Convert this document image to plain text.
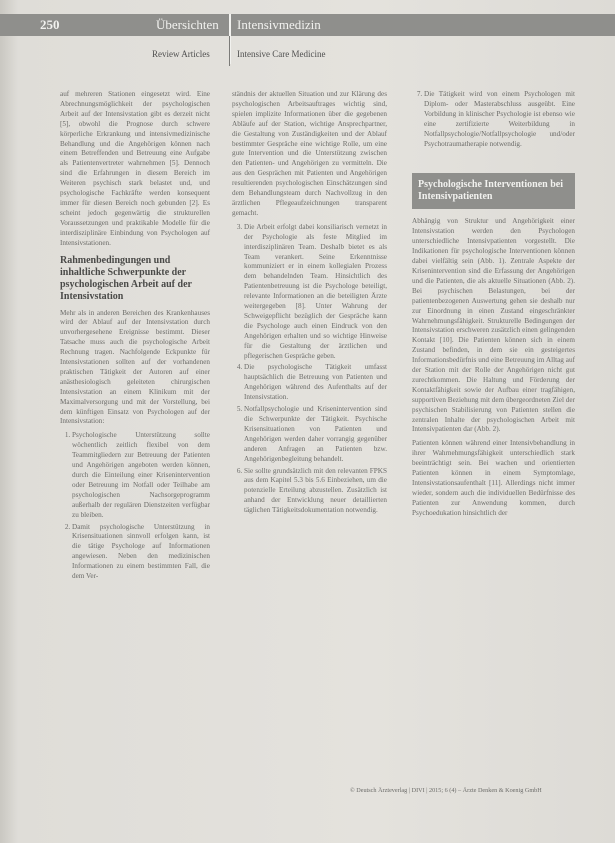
250	Übersichten Intensivmedizin
Review Articles	Intensive Care Medicine

auf mehreren Stationen eingesetzt wird. Eine Abrechnungsmöglichkeit der psychologischen Arbeit auf der Intensivstation gibt es derzeit nicht [5], obwohl die Prognose durch schwere körperliche Erkrankung und intensivmedizinische Behandlung und die Angehörigen können nach einem Betreffenden und Betreuung eine Aufgabe als Patientenvertreter wahrnehmen [5]. Dennoch sind die Erfahrungen in diesem Bereich im Weiteren psychisch stark belastet und, und psychologische Fachkräfte werden konsequent immer für diesen Bereich noch gebunden [2]. Es scheint jedoch gegenwärtig die strukturellen Voraussetzungen und praktikable Modelle für die interdisziplinäre Einbindung von Psychologen auf Intensivstationen.

Rahmenbedingungen und inhaltliche Schwerpunkte der psychologischen Arbeit auf der Intensivstation

Mehr als in anderen Bereichen des Krankenhauses wird der Ablauf auf der Intensivstation durch unvorhergesehene Ereignisse bestimmt. Dieser Tatsache muss auch die psychologische Arbeit Rechnung tragen. Nachfolgende Eckpunkte für Intensivstationen sollten auf der vorhandenen praktischen Tätigkeit der Autoren auf einer anästhesiologisch geleiteten chirurgischen Intensivstation an einem Klinikum mit der Maximalversorgung und mit der Vorstellung, bei dem künftigen Einsatz von Psychologen auf der Intensivstation:

1. Psychologische Unterstützung sollte wöchentlich zeitlich flexibel von dem Teammitgliedern zur Betreuung der Patienten und Angehörigen angeboten werden können, durch die Einteilung einer Krisenintervention oder Betreuung im Notfall oder Teilhabe am psychologischen Nachsorgeprogramm außerhalb der regulären Dienstzeiten verfügbar zu bleiben.
2. Damit psychologische Unterstützung in Krisensituationen sinnvoll erfolgen kann, ist die tätige Psychologe auf Informationen angewiesen. Neben den medizinischen Informationen zu einem bestimmten Fall, die dem Ver-

ständnis der aktuellen Situation und zur Klärung des psychologischen Arbeitsauftrages wichtig sind, spielen implizite Informationen über die gegebenen Abläufe auf der Station, wichtige Ansprechpartner, die Gestaltung von Zuständigkeiten und der Ablauf bestimmter Gespräche eine wichtige Rolle, um eine gute Intervention und die Unterstützung zwischen den Patienten- und Angehörigen zu vermitteln. Die aus den Gesprächen mit Patienten und Angehörigen resultierenden psychologischen Einschätzungen sind dem Behandlungsteam durch Nachvollzug in den ärztlichen Pflegeaufzeichnungen transparent gemacht.

3. Die Arbeit erfolgt dabei konsiliarisch vernetzt in der Psychologie als feste Mitglied im interdisziplinären Team. Deshalb bietet es als Team verankert. Seine Erkenntnisse kommuniziert er in einem kollegialen Prozess dem behandelnden Team. Hinsichtlich des Patientenbetreuung ist die Psychologe beteiligt, relevante Informationen an die beteiligten Ärzte weitergegeben [8]. Unter Wahrung der Schweigepflicht bezüglich der Gespräche kann die Psychologe auch einen Eindruck von den Angehörigen erhalten und so wichtige Hinweise für die Gestaltung der ärztlichen und pflegerischen Gespräche geben.
4. Die psychologische Tätigkeit umfasst hauptsächlich die Betreuung von Patienten und Angehörigen während des Aufenthalts auf der Intensivstation.
5. Notfallpsychologie und Krisenintervention sind die Schwerpunkte der Tätigkeit. Psychische Krisensituationen von Patienten und Angehörigen werden daher vorrangig gegenüber anderen Anfragen an Patienten bzw. Angehörigenbegleitung behandelt.
6. Sie sollte grundsätzlich mit den relevanten FPKS aus dem Kapitel 5.3 bis 5.6 Einbeziehen, um die potenzielle Erteilung abzustellen. Zusätzlich ist anhand der Entwicklung neuer detaillierten täglichen Tätigkeitsdokumentation notwendig.
7. Die Tätigkeit wird von einem Psychologen mit Diplom- oder Masterabschluss ausgeübt. Eine Vorbildung in klinischer Psychologie ist ebenso wie eine zertifizierte Weiterbildung in Notfallpsychologie/Notfallpsychologie und/oder Psychotraumatherapie notwendig.
Psychologische Interventionen bei Intensivpatienten

Abhängig von Struktur und Angehörigkeit einer Intensivstation werden den Psychologen unterschiedliche Intensivpatienten vorgestellt. Die Indikationen für psychologische Interventionen können dabei vielfältig sein (Abb. 1). Zentrale Aspekte der Krisenintervention sind die Erfassung der Angehörigen und die Patienten, die als aktuelle Situationen (Abb. 2). Bei psychischen Belastungen, bei der patientenbezogenen Auswertung gehen sie deshalb nur zur Einordnung in einen Zustand eingeschränkter Wahrnehmungsfähigkeit. Strukturelle Bedingungen der Intensivstation erschweren zusätzlich einen gelingenden Kontakt [10]. Die Patienten können sich in einem Zustand befinden, in dem sie ein gesteigertes Informationsbedürfnis und eine Betreuung im Alltag auf der Station mit der Rolle der Angehörigen nicht gut zurechtkommen. Die Haltung und Förderung der Kontaktfähigkeit sowie der Aufbau einer tragfähigen, supportiven Beziehung mit dem übergeordneten Ziel der psychischen Stabilisierung von Patienten stellen die zentralen Inhalte der psychologischen Arbeit mit Intensivpatienten dar (Abb. 2).

Patienten können während einer Intensivbehandlung in ihrer Wahrnehmungsfähigkeit unterschiedlich stark beeinträchtigt sein. Bei wachen und orientierten Patienten können in einem Symptomlage, Intensivstationsaufenthalt [11]. Allerdings nicht immer wieder, sondern auch die individuellen Bedürfnisse des Patienten zur Anwendung kommen, durch Psychoedukation hinsichtlich der

© Deutsch Ärzteverlag | DIVI | 2015; 6 (4) – Ärzte Denken & Koenig GmbH
